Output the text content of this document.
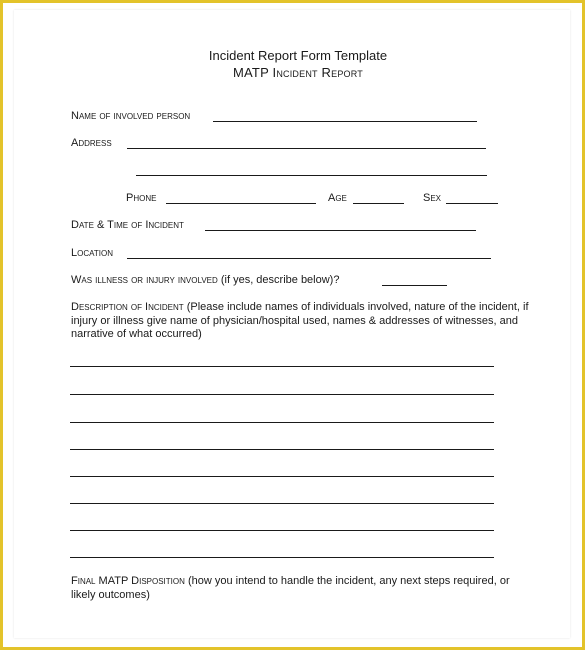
Incident Report Form Template
MATP Incident Report
Name of involved person
Address
Phone	Age	Sex
Date & Time of Incident
Location
Was illness or injury involved (if yes, describe below)?
Description of Incident (Please include names of individuals involved, nature of the incident, if injury or illness give name of physician/hospital used, names & addresses of witnesses, and narrative of what occurred)
Final MATP Disposition (how you intend to handle the incident, any next steps required, or likely outcomes)
